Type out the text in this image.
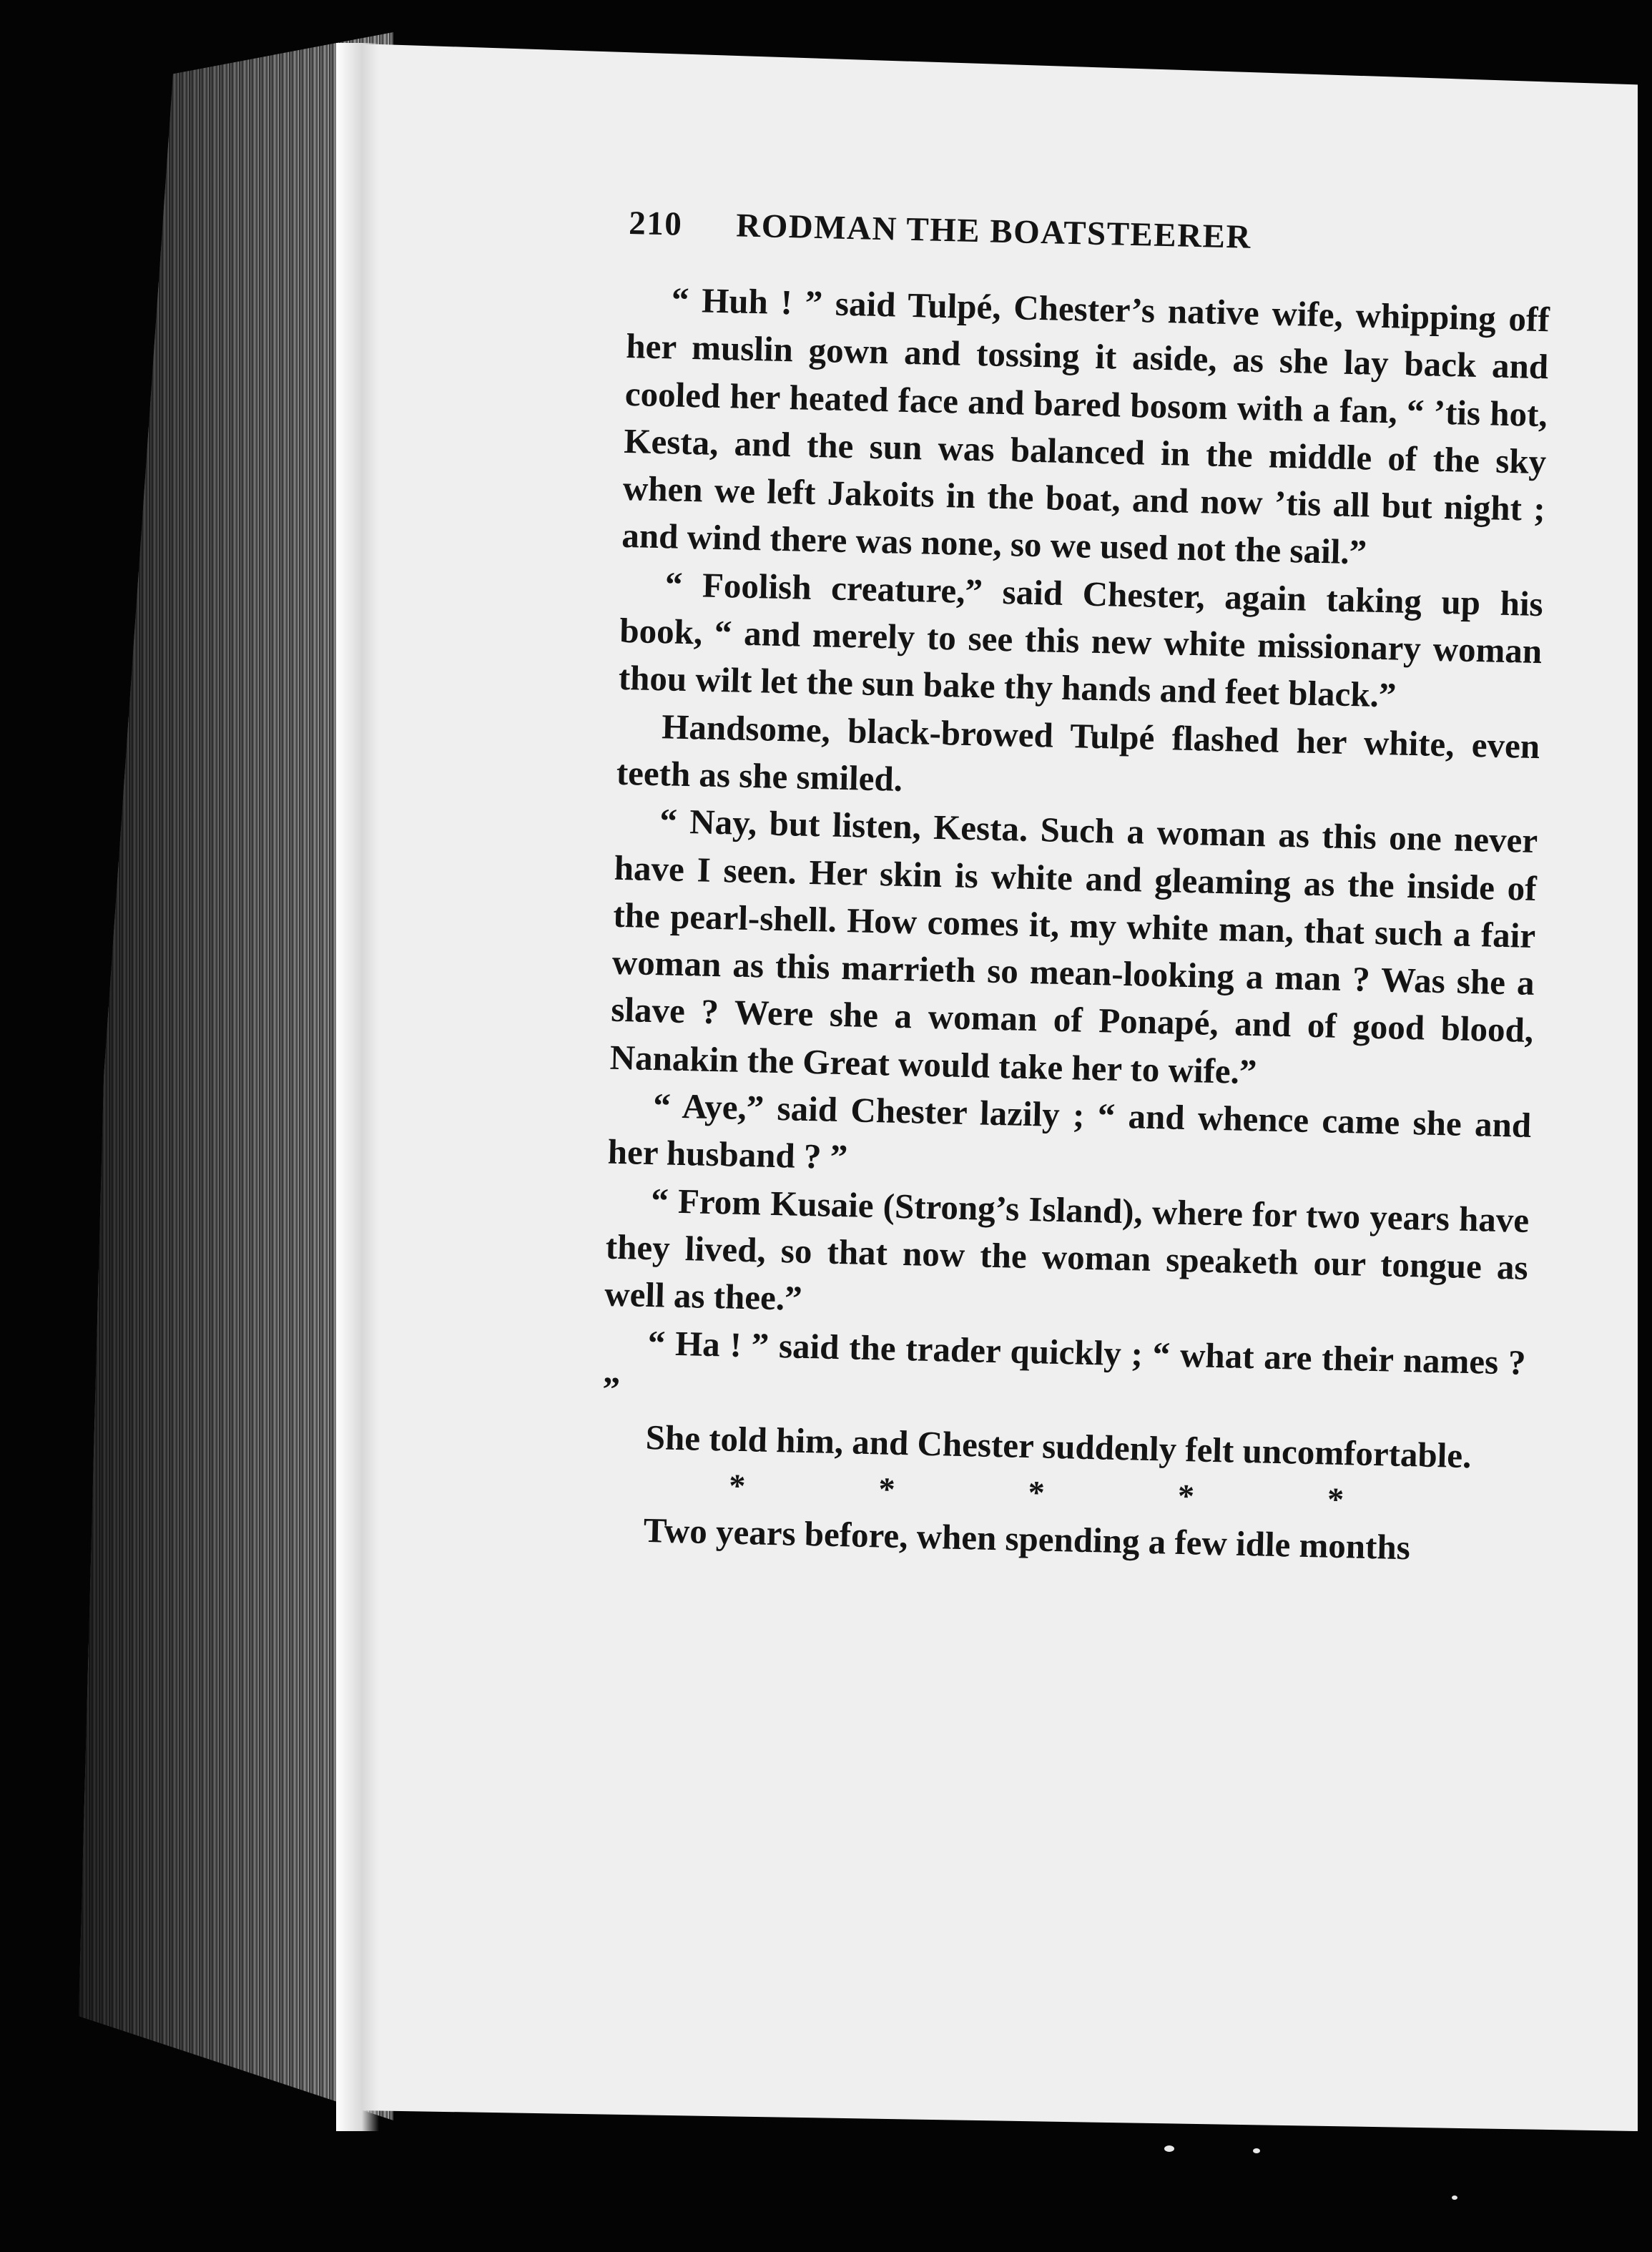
210	RODMAN THE BOATSTEERER

“ Huh ! ” said Tulpé, Chester’s native wife, whipping off her muslin gown and tossing it aside, as she lay back and cooled her heated face and bared bosom with a fan, “ ’tis hot, Kesta, and the sun was balanced in the middle of the sky when we left Jakoits in the boat, and now ’tis all but night ; and wind there was none, so we used not the sail.”

“ Foolish creature,” said Chester, again taking up his book, “ and merely to see this new white missionary woman thou wilt let the sun bake thy hands and feet black.”

Handsome, black-browed Tulpé flashed her white, even teeth as she smiled.

“ Nay, but listen, Kesta. Such a woman as this one never have I seen. Her skin is white and gleaming as the inside of the pearl-shell. How comes it, my white man, that such a fair woman as this marrieth so mean-looking a man ? Was she a slave ? Were she a woman of Ponapé, and of good blood, Nanakin the Great would take her to wife.”

“ Aye,” said Chester lazily ; “ and whence came she and her husband ? ”

“ From Kusaie (Strong’s Island), where for two years have they lived, so that now the woman speaketh our tongue as well as thee.”

“ Ha ! ” said the trader quickly ; “ what are their names ? ”

She told him, and Chester suddenly felt uncomfortable.

*	*	*	*	*

Two years before, when spending a few idle months
